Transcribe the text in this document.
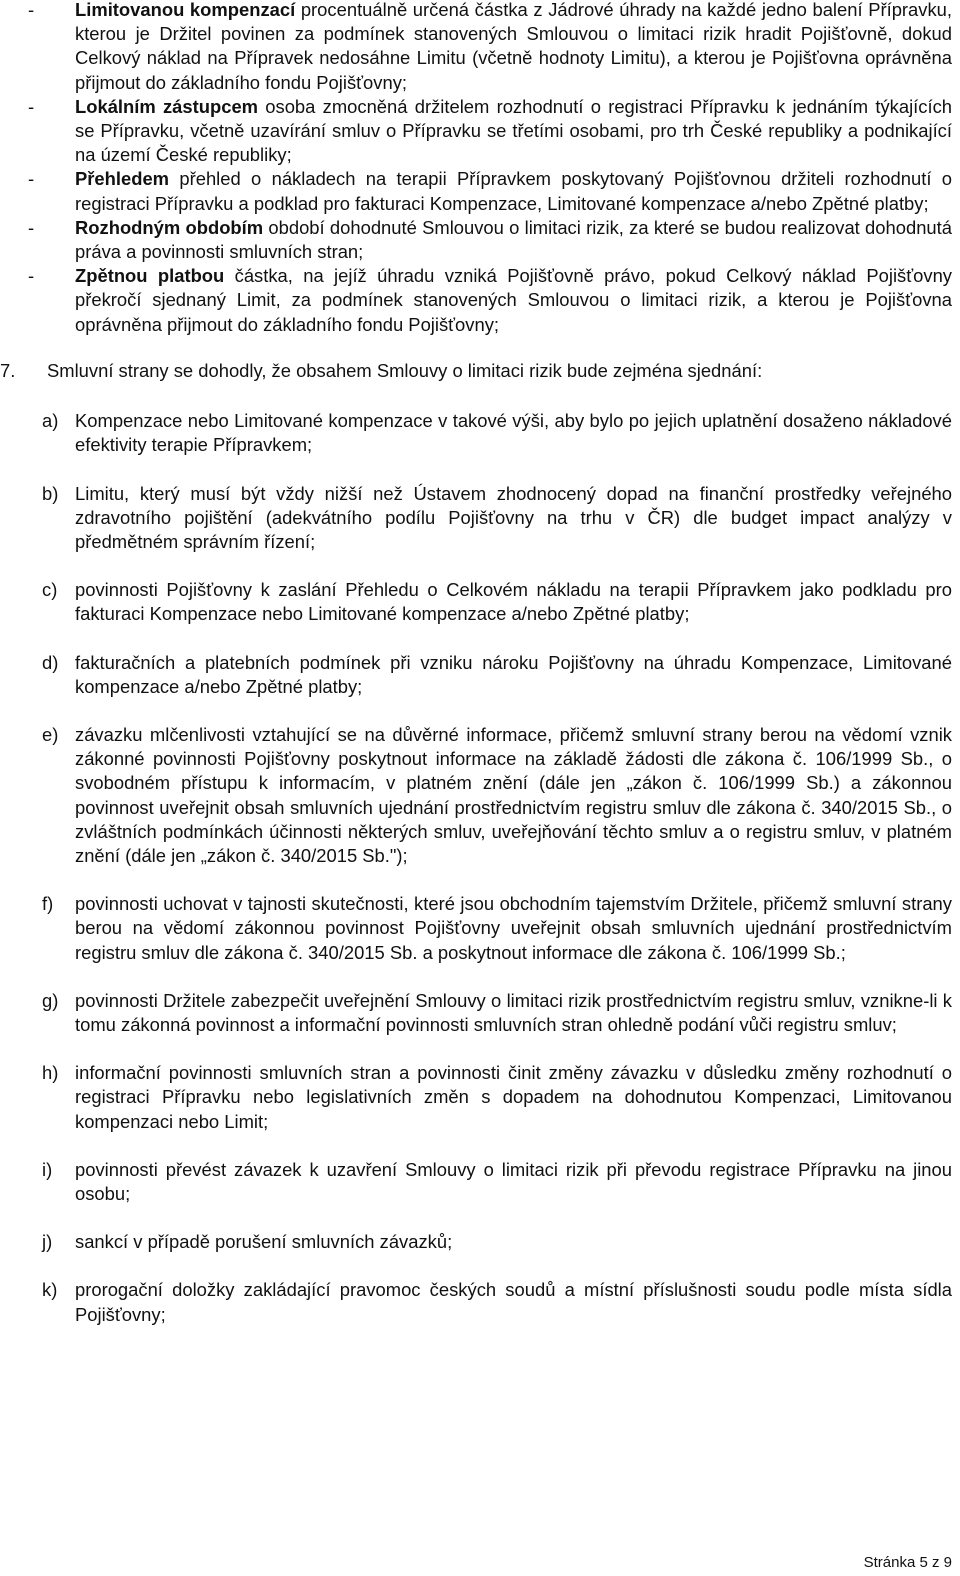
- Limitovanou kompenzací procentuálně určená částka z Jádrové úhrady na každé jedno balení Přípravku, kterou je Držitel povinen za podmínek stanovených Smlouvou o limitaci rizik hradit Pojišťovně, dokud Celkový náklad na Přípravek nedosáhne Limitu (včetně hodnoty Limitu), a kterou je Pojišťovna oprávněna přijmout do základního fondu Pojišťovny;

- Lokálním zástupcem osoba zmocněná držitelem rozhodnutí o registraci Přípravku k jednáním týkajících se Přípravku, včetně uzavírání smluv o Přípravku se třetími osobami, pro trh České republiky a podnikající na území České republiky;

- Přehledem přehled o nákladech na terapii Přípravkem poskytovaný Pojišťovnou držiteli rozhodnutí o registraci Přípravku a podklad pro fakturaci Kompenzace, Limitované kompenzace a/nebo Zpětné platby;

- Rozhodným obdobím období dohodnuté Smlouvou o limitaci rizik, za které se budou realizovat dohodnutá práva a povinnosti smluvních stran;

- Zpětnou platbou částka, na jejíž úhradu vzniká Pojišťovně právo, pokud Celkový náklad Pojišťovny překročí sjednaný Limit, za podmínek stanovených Smlouvou o limitaci rizik, a kterou je Pojišťovna oprávněna přijmout do základního fondu Pojišťovny;

7. Smluvní strany se dohodly, že obsahem Smlouvy o limitaci rizik bude zejména sjednání:

a) Kompenzace nebo Limitované kompenzace v takové výši, aby bylo po jejich uplatnění dosaženo nákladové efektivity terapie Přípravkem;

b) Limitu, který musí být vždy nižší než Ústavem zhodnocený dopad na finanční prostředky veřejného zdravotního pojištění (adekvátního podílu Pojišťovny na trhu v ČR) dle budget impact analýzy v předmětném správním řízení;

c) povinnosti Pojišťovny k zaslání Přehledu o Celkovém nákladu na terapii Přípravkem jako podkladu pro fakturaci Kompenzace nebo Limitované kompenzace a/nebo Zpětné platby;

d) fakturačních a platebních podmínek při vzniku nároku Pojišťovny na úhradu Kompenzace, Limitované kompenzace a/nebo Zpětné platby;

e) závazku mlčenlivosti vztahující se na důvěrné informace, přičemž smluvní strany berou na vědomí vznik zákonné povinnosti Pojišťovny poskytnout informace na základě žádosti dle zákona č. 106/1999 Sb., o svobodném přístupu k informacím, v platném znění (dále jen „zákon č. 106/1999 Sb.) a zákonnou povinnost uveřejnit obsah smluvních ujednání prostřednictvím registru smluv dle zákona č. 340/2015 Sb., o zvláštních podmínkách účinnosti některých smluv, uveřejňování těchto smluv a o registru smluv, v platném znění (dále jen „zákon č. 340/2015 Sb.");

f) povinnosti uchovat v tajnosti skutečnosti, které jsou obchodním tajemstvím Držitele, přičemž smluvní strany berou na vědomí zákonnou povinnost Pojišťovny uveřejnit obsah smluvních ujednání prostřednictvím registru smluv dle zákona č. 340/2015 Sb. a poskytnout informace dle zákona č. 106/1999 Sb.;

g) povinnosti Držitele zabezpečit uveřejnění Smlouvy o limitaci rizik prostřednictvím registru smluv, vznikne-li k tomu zákonná povinnost a informační povinnosti smluvních stran ohledně podání vůči registru smluv;

h) informační povinnosti smluvních stran a povinnosti činit změny závazku v důsledku změny rozhodnutí o registraci Přípravku nebo legislativních změn s dopadem na dohodnutou Kompenzaci, Limitovanou kompenzaci nebo Limit;

i) povinnosti převést závazek k uzavření Smlouvy o limitaci rizik při převodu registrace Přípravku na jinou osobu;

j) sankcí v případě porušení smluvních závazků;

k) prorogační doložky zakládající pravomoc českých soudů a místní příslušnosti soudu podle místa sídla Pojišťovny;

Stránka 5 z 9
